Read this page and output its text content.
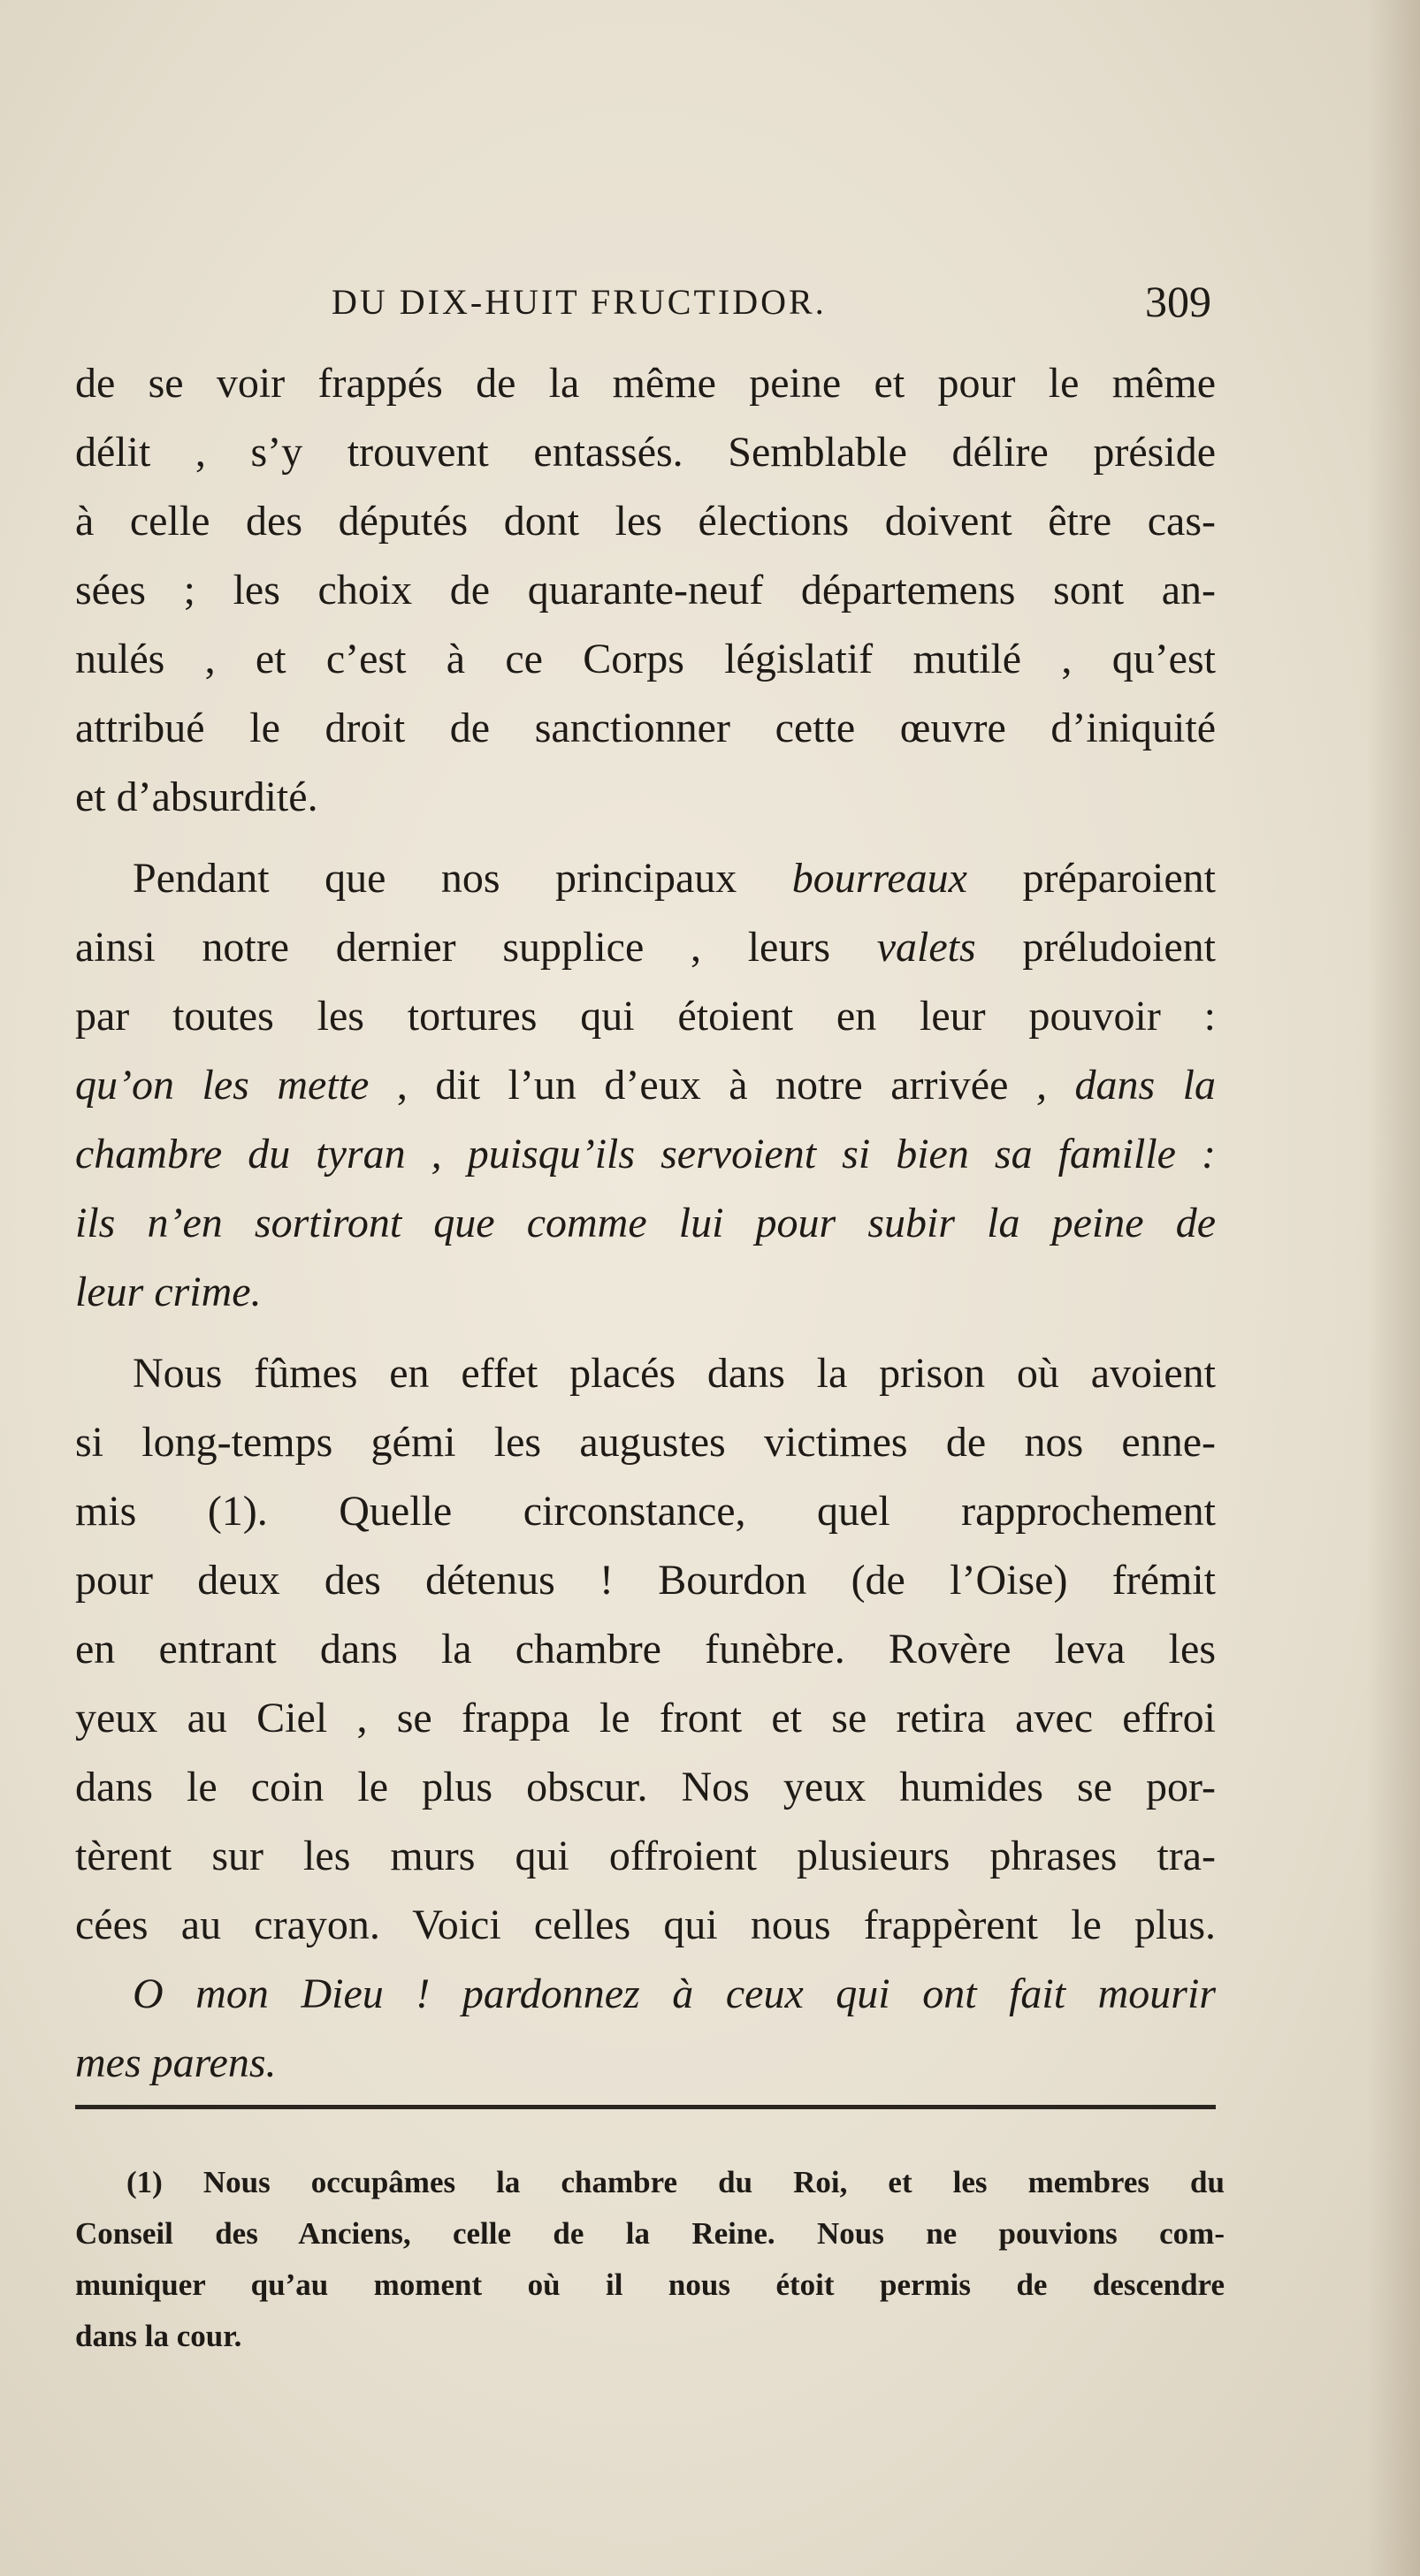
DU DIX-HUIT FRUCTIDOR.	309
de se voir frappés de la même peine et pour le même
délit , s’y trouvent entassés. Semblable délire préside
à celle des députés dont les élections doivent être cas-
sées ; les choix de quarante-neuf départemens sont an-
nulés , et c’est à ce Corps législatif mutilé , qu’est
attribué le droit de sanctionner cette œuvre d’iniquité
et d’absurdité.
Pendant que nos principaux bourreaux préparoient
ainsi notre dernier supplice , leurs valets préludoient
par toutes les tortures qui étoient en leur pouvoir :
qu’on les mette , dit l’un d’eux à notre arrivée , dans la
chambre du tyran , puisqu’ils servoient si bien sa famille :
ils n’en sortiront que comme lui pour subir la peine de
leur crime.
Nous fûmes en effet placés dans la prison où avoient
si long-temps gémi les augustes victimes de nos enne-
mis (1). Quelle circonstance, quel rapprochement
pour deux des détenus ! Bourdon (de l’Oise) frémit
en entrant dans la chambre funèbre. Rovère leva les
yeux au Ciel , se frappa le front et se retira avec effroi
dans le coin le plus obscur. Nos yeux humides se por-
tèrent sur les murs qui offroient plusieurs phrases tra-
cées au crayon. Voici celles qui nous frappèrent le plus.
O mon Dieu ! pardonnez à ceux qui ont fait mourir
mes parens.
(1) Nous occupâmes la chambre du Roi, et les membres du
Conseil des Anciens, celle de la Reine. Nous ne pouvions com-
muniquer qu’au moment où il nous étoit permis de descendre
dans la cour.
